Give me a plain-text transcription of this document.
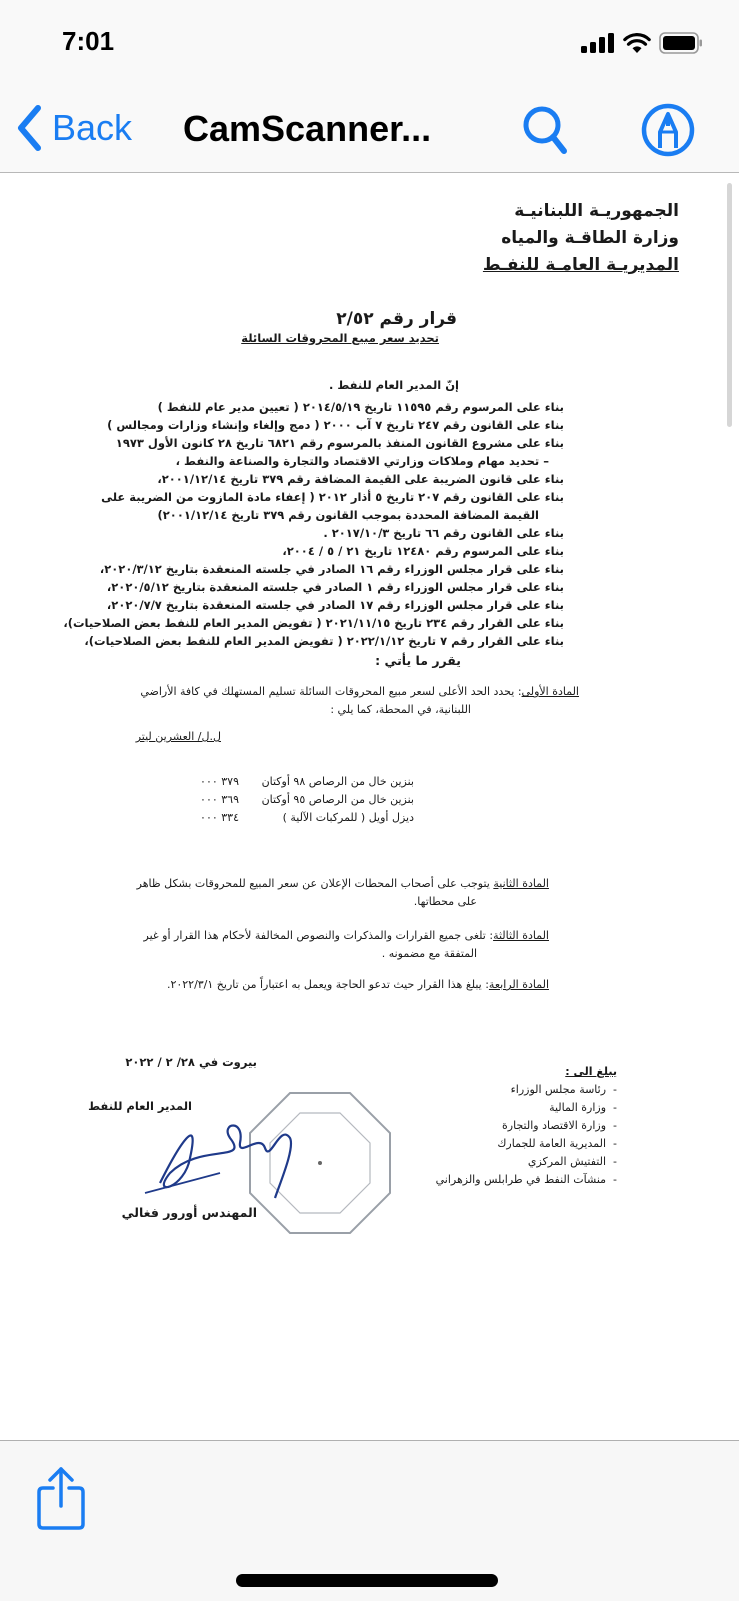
7:01
Back CamScanner...
الجمهوريـة اللبنانيـة
وزارة الطاقـة والمياه
المديريـة العامـة للنفـط
قرار رقم ٢/٥٢
تحديد سعر مبيع المحروقات السائلة
إنّ المدير العام للنفط .
بناء على المرسوم رقم ١١٥٩٥ تاريخ ٢٠١٤/٥/١٩ ( تعيين مدير عام للنفط )
بناء على القانون رقم ٢٤٧ تاريخ ٧ آب ٢٠٠٠ ( دمج وإلغاء وإنشاء وزارات ومجالس )
بناء على مشروع القانون المنفذ بالمرسوم رقم ٦٨٢١ تاريخ ٢٨ كانون الأول ١٩٧٣
– تحديد مهام وملاكات وزارتي الاقتصاد والتجارة والصناعة والنفط ،
بناء على قانون الضريبة على القيمة المضافة رقم ٣٧٩ تاريخ ٢٠٠١/١٢/١٤،
بناء على القانون رقم ٢٠٧ تاريخ ٥ أذار ٢٠١٢ ( إعفاء مادة المازوت من الضريبة على
القيمة المضافة المحددة بموجب القانون رقم ٣٧٩ تاريخ ٢٠٠١/١٢/١٤)
بناء على القانون رقم ٦٦ تاريخ ٢٠١٧/١٠/٣ .
بناء على المرسوم رقم ١٢٤٨٠ تاريخ ٢١ / ٥ / ٢٠٠٤،
بناء على قرار مجلس الوزراء رقم ١٦ الصادر في جلسته المنعقدة بتاريخ ٢٠٢٠/٣/١٢،
بناء على قرار مجلس الوزراء رقم ١ الصادر في جلسته المنعقدة بتاريخ ٢٠٢٠/٥/١٢،
بناء على قرار مجلس الوزراء رقم ١٧ الصادر في جلسته المنعقدة بتاريخ ٢٠٢٠/٧/٧،
بناء على القرار رقم ٢٣٤ تاريخ ٢٠٢١/١١/١٥ ( تفويض المدير العام للنفط بعض الصلاحيات)،
بناء على القرار رقم ٧ تاريخ ٢٠٢٢/١/١٢ ( تفويض المدير العام للنفط بعض الصلاحيات)،
يقرر ما يأتي :
المادة الأولى: يحدد الحد الأعلى لسعر مبيع المحروقات السائلة تسليم المستهلك في كافة الأراضي
اللبنانية، في المحطة، كما يلي :
ل.ل/ العشرين ليتر
بنزين خال من الرصاص ٩٨ أوكتان
٣٧٩ ٠٠٠
بنزين خال من الرصاص ٩٥ أوكتان
٣٦٩ ٠٠٠
ديزل أويل ( للمركبات الآلية )
٣٣٤ ٠٠٠
المادة الثانية يتوجب على أصحاب المحطات الإعلان عن سعر المبيع للمحروقات بشكل ظاهر
على محطاتها.
المادة الثالثة: تلغى جميع القرارات والمذكرات والنصوص المخالفة لأحكام هذا القرار أو غير
المتفقة مع مضمونه .
المادة الرابعة: يبلغ هذا القرار حيث تدعو الحاجة ويعمل به اعتباراً من تاريخ ٢٠٢٢/٣/١.
بيروت في ٢٨/ ٢ / ٢٠٢٢
المدير العام للنفط
المهندس أورور فغالي
يبلغ الى :
-  رئاسة مجلس الوزراء
-  وزارة المالية
-  وزارة الاقتصاد والتجارة
-  المديرية العامة للجمارك
-  التفتيش المركزي
-  منشآت النفط في طرابلس والزهراني
